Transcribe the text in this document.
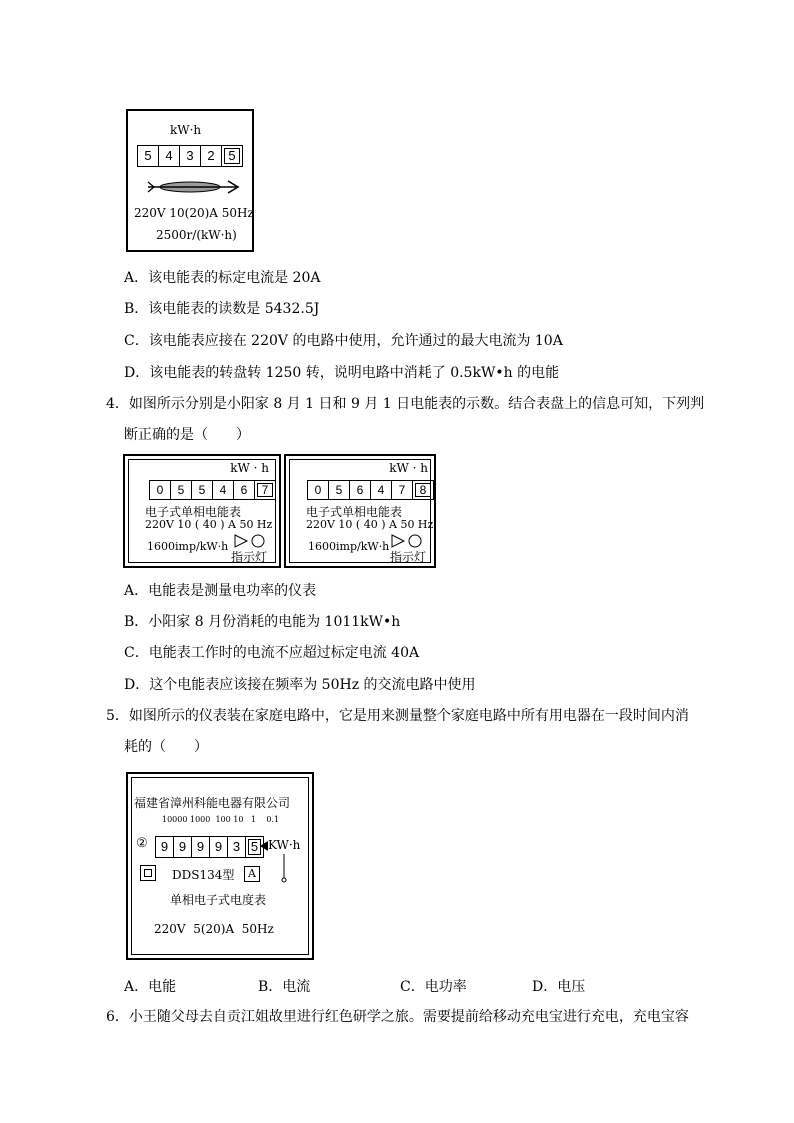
kW·h
5	4	3	2	5
220V 10(20)A 50Hz
2500r/(kW·h)
A．该电能表的标定电流是 20A
B．该电能表的读数是 5432.5J
C．该电能表应接在 220V 的电路中使用，允许通过的最大电流为 10A
D．该电能表的转盘转 1250 转，说明电路中消耗了 0.5kW•h 的电能
4．如图所示分别是小阳家 8 月 1 日和 9 月 1 日电能表的示数。结合表盘上的信息可知，下列判
断正确的是（　　）
kW · h
0	5	5	4	6	7
电子式单相电能表
220V 10 ( 40 ) A 50 Hz
1600imp/kW·h
指示灯
kW · h
0	5	6	4	7	8
电子式单相电能表
220V 10 ( 40 ) A 50 Hz
1600imp/kW·h
指示灯
A．电能表是测量电功率的仪表
B．小阳家 8 月份消耗的电能为 1011kW•h
C．电能表工作时的电流不应超过标定电流 40A
D．这个电能表应该接在频率为 50Hz 的交流电路中使用
5．如图所示的仪表装在家庭电路中，它是用来测量整个家庭电路中所有用电器在一段时间内消
耗的（　　）
福建省漳州科能电器有限公司
10000 1000  100 10   1    0.1
②	9 9 9 9 3 5 KW·h
DDS134型	A
单相电子式电度表
220V  5(20)A  50Hz
A．电能	B．电流	C．电功率	D．电压
6．小王随父母去自贡江姐故里进行红色研学之旅。需要提前给移动充电宝进行充电，充电宝容
